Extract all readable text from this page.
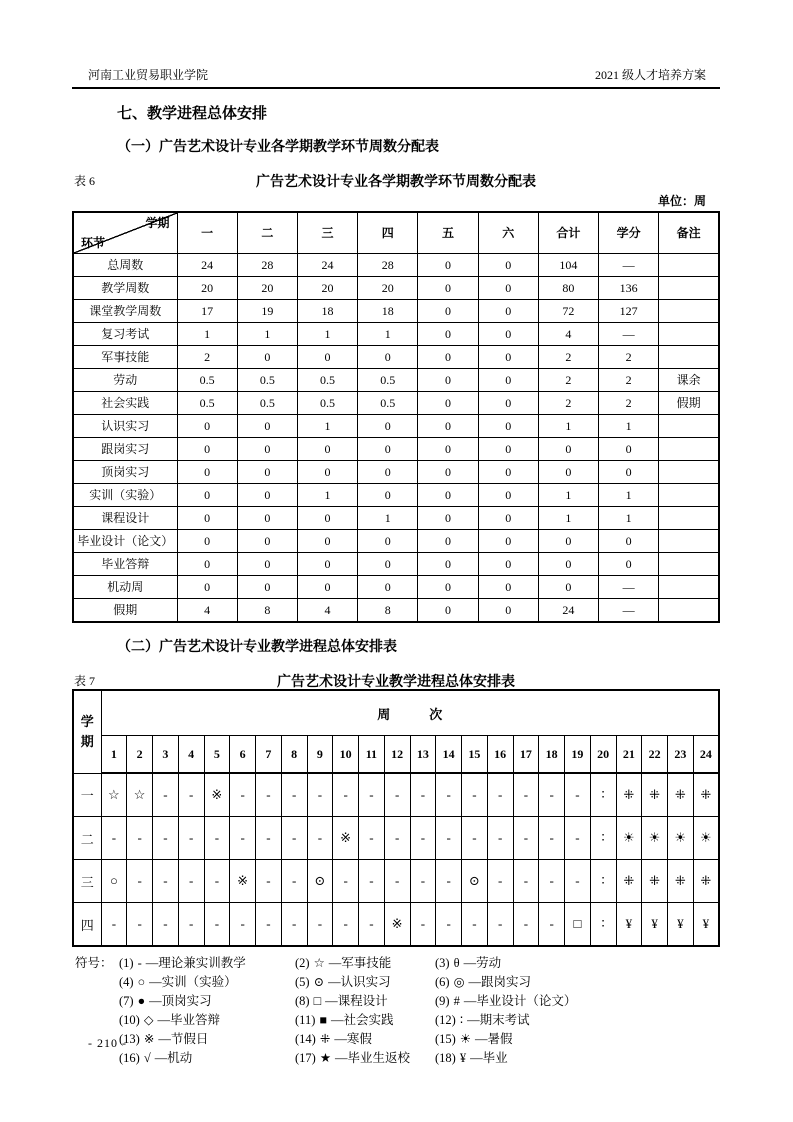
河南工业贸易职业学院	2021 级人才培养方案
七、教学进程总体安排
（一）广告艺术设计专业各学期教学环节周数分配表
表 6	广告艺术设计专业各学期教学环节周数分配表
单位：周
学期
环节	一	二	三	四	五	六	合计	学分	备注
总周数	24	28	24	28	0	0	104	—	
教学周数	20	20	20	20	0	0	80	136	
课堂教学周数	17	19	18	18	0	0	72	127	
复习考试	1	1	1	1	0	0	4	—	
军事技能	2	0	0	0	0	0	2	2	
劳动	0.5	0.5	0.5	0.5	0	0	2	2	课余
社会实践	0.5	0.5	0.5	0.5	0	0	2	2	假期
认识实习	0	0	1	0	0	0	1	1	
跟岗实习	0	0	0	0	0	0	0	0	
顶岗实习	0	0	0	0	0	0	0	0	
实训（实验）	0	0	1	0	0	0	1	1	
课程设计	0	0	0	1	0	0	1	1	
毕业设计（论文）	0	0	0	0	0	0	0	0	
毕业答辩	0	0	0	0	0	0	0	0	
机动周	0	0	0	0	0	0	0	—	
假期	4	8	4	8	0	0	24	—	
（二）广告艺术设计专业教学进程总体安排表
表 7	广告艺术设计专业教学进程总体安排表
学期	周　　　次																							
	1	2	3	4	5	6	7	8	9	10	11	12	13	14	15	16	17	18	19	20	21	22	23	24
一	☆	☆	-	-	※	-	-	-	-	-	-	-	-	-	-	-	-	-	-	∶	⁜	⁜	⁜	⁜
二	-	-	-	-	-	-	-	-	-	※	-	-	-	-	-	-	-	-	-	∶	☀	☀	☀	☀
三	○	-	-	-	-	※	-	-	⊙	-	-	-	-	-	⊙	-	-	-	-	∶	⁜	⁜	⁜	⁜
四	-	-	-	-	-	-	-	-	-	-	-	※	-	-	-	-	-	-	□	∶	¥	¥	¥	¥
符号： (1) - —理论兼实训教学	(2) ☆ —军事技能	(3) θ —劳动
(4) ○ —实训（实验）	(5) ⊙ —认识实习	(6) ◎ —跟岗实习
(7) ● —顶岗实习	(8) □ —课程设计	(9) # —毕业设计（论文）
(10) ◇ —毕业答辩	(11) ■ —社会实践	(12) ∶ —期末考试
(13) ※ —节假日	(14) ⁜ —寒假	(15) ☀ —暑假
(16) √ —机动	(17) ★ —毕业生返校 (18) ¥ —毕业
- 210 -
